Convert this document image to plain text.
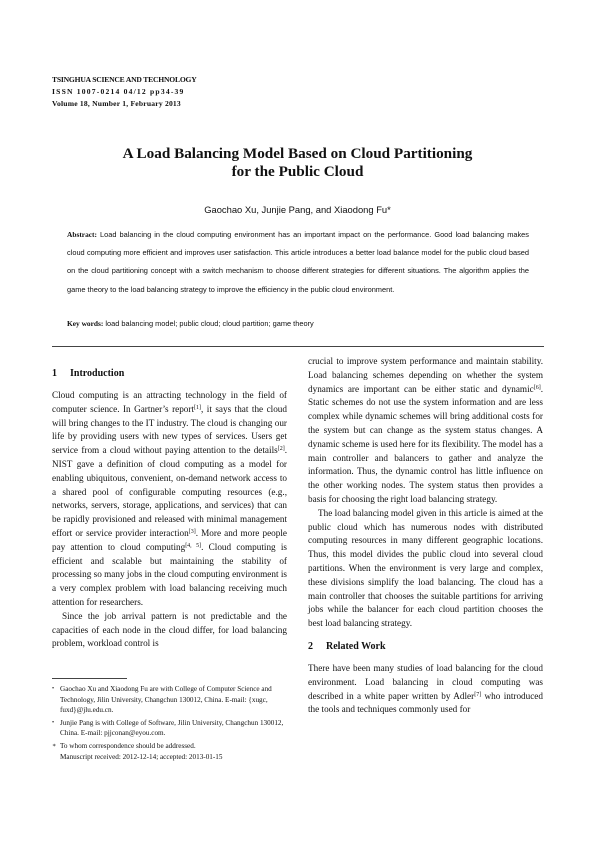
TSINGHUA SCIENCE AND TECHNOLOGY
ISSN 1007-0214 04/12 pp34-39
Volume 18, Number 1, February 2013
A Load Balancing Model Based on Cloud Partitioning
for the Public Cloud
Gaochao Xu, Junjie Pang, and Xiaodong Fu*
Abstract: Load balancing in the cloud computing environment has an important impact on the performance. Good load balancing makes cloud computing more efficient and improves user satisfaction. This article introduces a better load balance model for the public cloud based on the cloud partitioning concept with a switch mechanism to choose different strategies for different situations. The algorithm applies the game theory to the load balancing strategy to improve the efficiency in the public cloud environment.
Key words: load balancing model; public cloud; cloud partition; game theory
1 Introduction

Cloud computing is an attracting technology in the field of computer science. In Gartner’s report[1], it says that the cloud will bring changes to the IT industry. The cloud is changing our life by providing users with new types of services. Users get service from a cloud without paying attention to the details[2]. NIST gave a definition of cloud computing as a model for enabling ubiquitous, convenient, on-demand network access to a shared pool of configurable computing resources (e.g., networks, servers, storage, applications, and services) that can be rapidly provisioned and released with minimal management effort or service provider interaction[3]. More and more people pay attention to cloud computing[4, 5]. Cloud computing is efficient and scalable but maintaining the stability of processing so many jobs in the cloud computing environment is a very complex problem with load balancing receiving much attention for researchers.

Since the job arrival pattern is not predictable and the capacities of each node in the cloud differ, for load balancing problem, workload control is

• Gaochao Xu and Xiaodong Fu are with College of Computer Science and Technology, Jilin University, Changchun 130012, China. E-mail: {xugc, fuxd}@jlu.edu.cn.
• Junjie Pang is with College of Software, Jilin University, Changchun 130012, China. E-mail: pjjconan@eyou.com.
∗ To whom correspondence should be addressed.
Manuscript received: 2012-12-14; accepted: 2013-01-15

crucial to improve system performance and maintain stability. Load balancing schemes depending on whether the system dynamics are important can be either static and dynamic[6]. Static schemes do not use the system information and are less complex while dynamic schemes will bring additional costs for the system but can change as the system status changes. A dynamic scheme is used here for its flexibility. The model has a main controller and balancers to gather and analyze the information. Thus, the dynamic control has little influence on the other working nodes. The system status then provides a basis for choosing the right load balancing strategy.

The load balancing model given in this article is aimed at the public cloud which has numerous nodes with distributed computing resources in many different geographic locations. Thus, this model divides the public cloud into several cloud partitions. When the environment is very large and complex, these divisions simplify the load balancing. The cloud has a main controller that chooses the suitable partitions for arriving jobs while the balancer for each cloud partition chooses the best load balancing strategy.

2 Related Work

There have been many studies of load balancing for the cloud environment. Load balancing in cloud computing was described in a white paper written by Adler[7] who introduced the tools and techniques commonly used for
